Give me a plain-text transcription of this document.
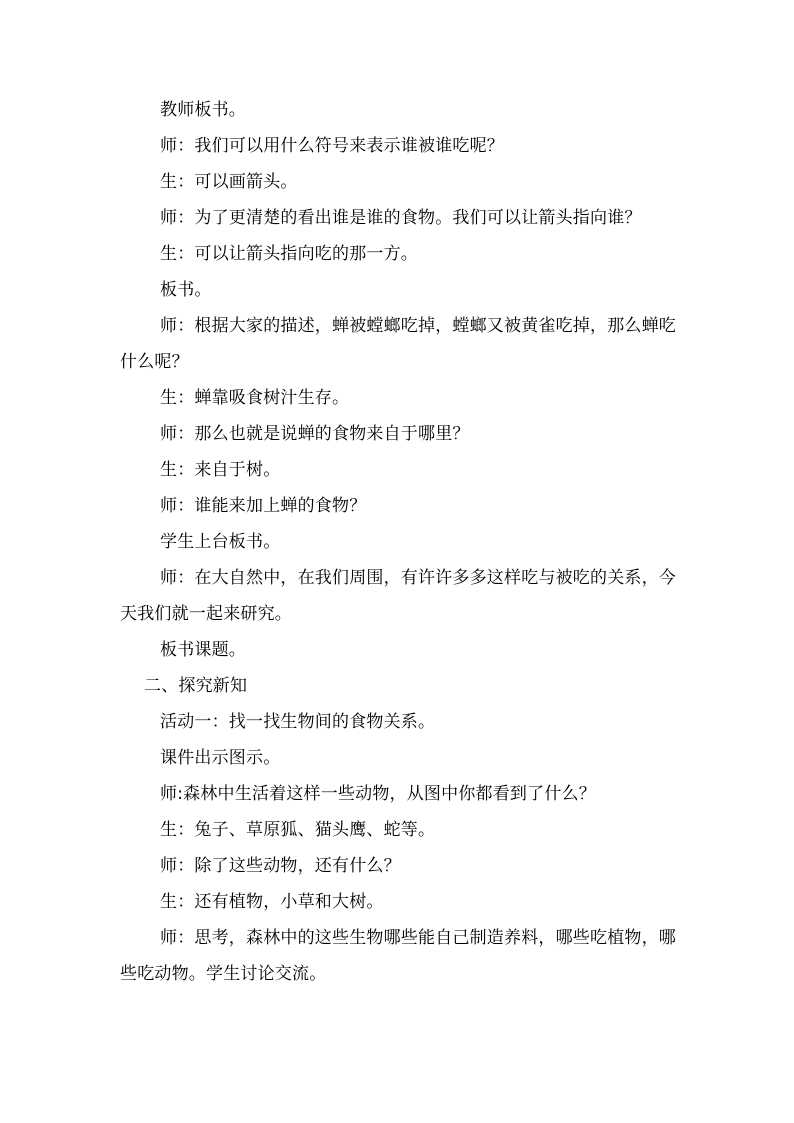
教师板书。

师：我们可以用什么符号来表示谁被谁吃呢？

生：可以画箭头。

师：为了更清楚的看出谁是谁的食物。我们可以让箭头指向谁？

生：可以让箭头指向吃的那一方。

板书。

师：根据大家的描述，蝉被螳螂吃掉，螳螂又被黄雀吃掉，那么蝉吃什么呢？

生：蝉靠吸食树汁生存。

师：那么也就是说蝉的食物来自于哪里？

生：来自于树。

师：谁能来加上蝉的食物？

学生上台板书。

师：在大自然中，在我们周围，有许许多多这样吃与被吃的关系，今天我们就一起来研究。

板书课题。

二、探究新知

活动一：找一找生物间的食物关系。

课件出示图示。

师:森林中生活着这样一些动物，从图中你都看到了什么？

生：兔子、草原狐、猫头鹰、蛇等。

师：除了这些动物，还有什么？

生：还有植物，小草和大树。

师：思考，森林中的这些生物哪些能自己制造养料，哪些吃植物，哪些吃动物。学生讨论交流。
